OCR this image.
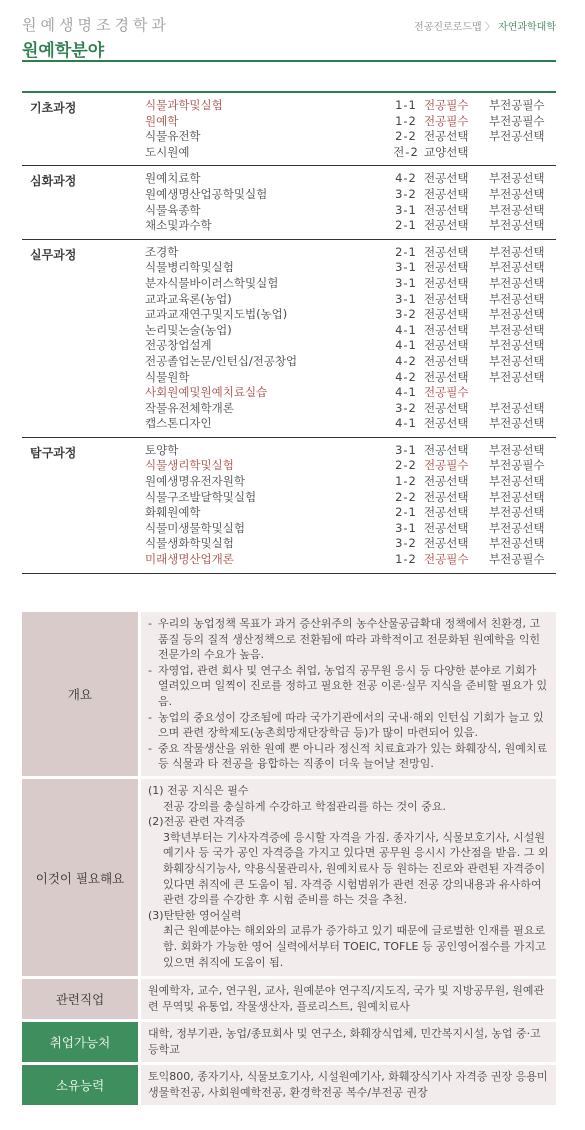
원예생명조경학과
원예학분야
전공진로로드맵 〉 자연과학대학
기초과정	식물과학및실험	1-1 전공필수 부전공필수
원예학	1-2 전공필수 부전공필수
식물유전학	2-2 전공선택 부전공선택
도시원예	전-2 교양선택
심화과정	원예치료학	4-2 전공선택 부전공선택
원예생명산업공학및실험	3-2 전공선택 부전공선택
식물육종학	3-1 전공선택 부전공선택
채소및과수학	2-1 전공선택 부전공선택
실무과정	조경학	2-1 전공선택 부전공선택
식물병리학및실험	3-1 전공선택 부전공선택
분자식물바이러스학및실험	3-1 전공선택 부전공선택
교과교육론(농업)	3-1 전공선택 부전공선택
교과교재연구및지도법(농업)	3-2 전공선택 부전공선택
논리및논술(농업)	4-1 전공선택 부전공선택
전공창업설계	4-1 전공선택 부전공선택
전공졸업논문/인턴십/전공창업	4-2 전공선택 부전공선택
식물원학	4-2 전공선택 부전공선택
사회원예및원예치료실습	4-1 전공필수
작물유전체학개론	3-2 전공선택 부전공선택
캡스톤디자인	4-1 전공선택 부전공선택
탐구과정	토양학	3-1 전공선택 부전공선택
식물생리학및실험	2-2 전공필수 부전공필수
원예생명유전자원학	1-2 전공선택 부전공선택
식물구조발달학및실험	2-2 전공선택 부전공선택
화훼원예학	2-1 전공선택 부전공선택
식물미생물학및실험	3-1 전공선택 부전공선택
식물생화학및실험	3-2 전공선택 부전공선택
미래생명산업개론	1-2 전공필수 부전공필수
개요

- 우리의 농업정책 목표가 과거 증산위주의 농수산물공급확대 정책에서 친환경, 고품질 등의 질적 생산정책으로 전환됨에 따라 과학적이고 전문화된 원예학을 익힌 전문가의 수요가 높음.

- 자영업, 관련 회사 및 연구소 취업, 농업직 공무원 응시 등 다양한 분야로 기회가 열려있으며 일찍이 진로를 정하고 필요한 전공 이론·실무 지식을 준비할 필요가 있음.

- 농업의 중요성이 강조됨에 따라 국가기관에서의 국내·해외 인턴십 기회가 늘고 있으며 관련 장학제도(농촌희망재단장학금 등)가 많이 마련되어 있음.

- 중요 작물생산을 위한 원예 뿐 아니라 정신적 치료효과가 있는 화훼장식, 원예치료 등 식물과 타 전공을 융합하는 직종이 더욱 늘어날 전망임.

이것이 필요해요

(1) 전공 지식은 필수

전공 강의를 충실하게 수강하고 학점관리를 하는 것이 중요.

(2)전공 관련 자격증

3학년부터는 기사자격증에 응시할 자격을 가짐. 종자기사, 식물보호기사, 시설원예기사 등 국가 공인 자격증을 가지고 있다면 공무원 응시시 가산점을 받음. 그 외 화훼장식기능사, 약용식물관리사, 원예치료사 등 원하는 진로와 관련된 자격증이 있다면 취직에 큰 도움이 됨. 자격증 시험범위가 관련 전공 강의내용과 유사하여 관련 강의를 수강한 후 시험 준비를 하는 것을 추천.

(3)탄탄한 영어실력

최근 원예분야는 해외와의 교류가 증가하고 있기 때문에 글로벌한 인재를 필요로 함. 회화가 가능한 영어 실력에서부터 TOEIC, TOFLE 등 공인영어점수를 가지고 있으면 취직에 도움이 됨.

관련직업
원예학자, 교수, 연구원, 교사, 원예분야 연구직/지도직, 국가 및 지방공무원, 원예관련 무역및 유통업, 작물생산자, 플로리스트, 원예치료사
취업가능처
대학, 정부기관, 농업/종묘회사 및 연구소, 화훼장식업체, 민간복지시설, 농업 중·고등학교
소유능력
토익800, 종자기사, 식물보호기사, 시설원예기사, 화훼장식기사 자격증 권장 응용미생물학전공, 사회원예학전공, 환경학전공 복수/부전공 권장
